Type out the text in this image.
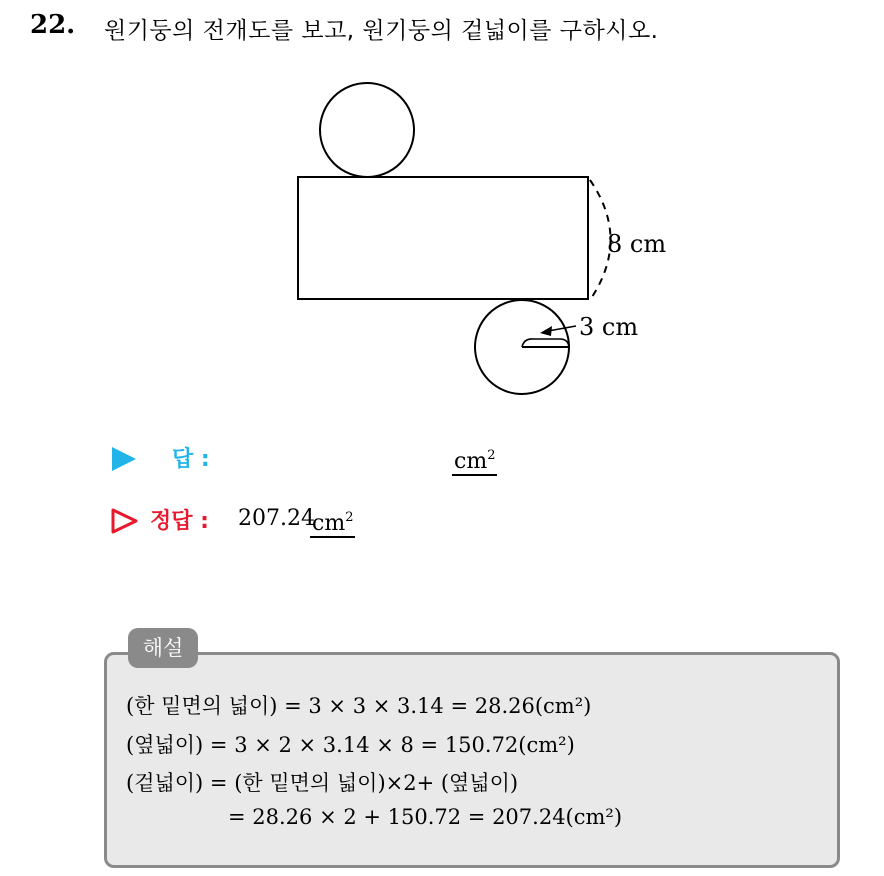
22. 원기둥의 전개도를 보고, 원기둥의 겉넓이를 구하시오.
8 cm
3 cm
답 :	$cm^2$
정답 : 207.24
$cm^2$
해설
(한 밑면의 넓이) = 3 × 3 × 3.14 = 28.26(cm²)
(옆넓이) = 3 × 2 × 3.14 × 8 = 150.72(cm²)
(겉넓이) = (한 밑면의 넓이)×2+ (옆넓이)
= 28.26 × 2 + 150.72 = 207.24(cm²)
